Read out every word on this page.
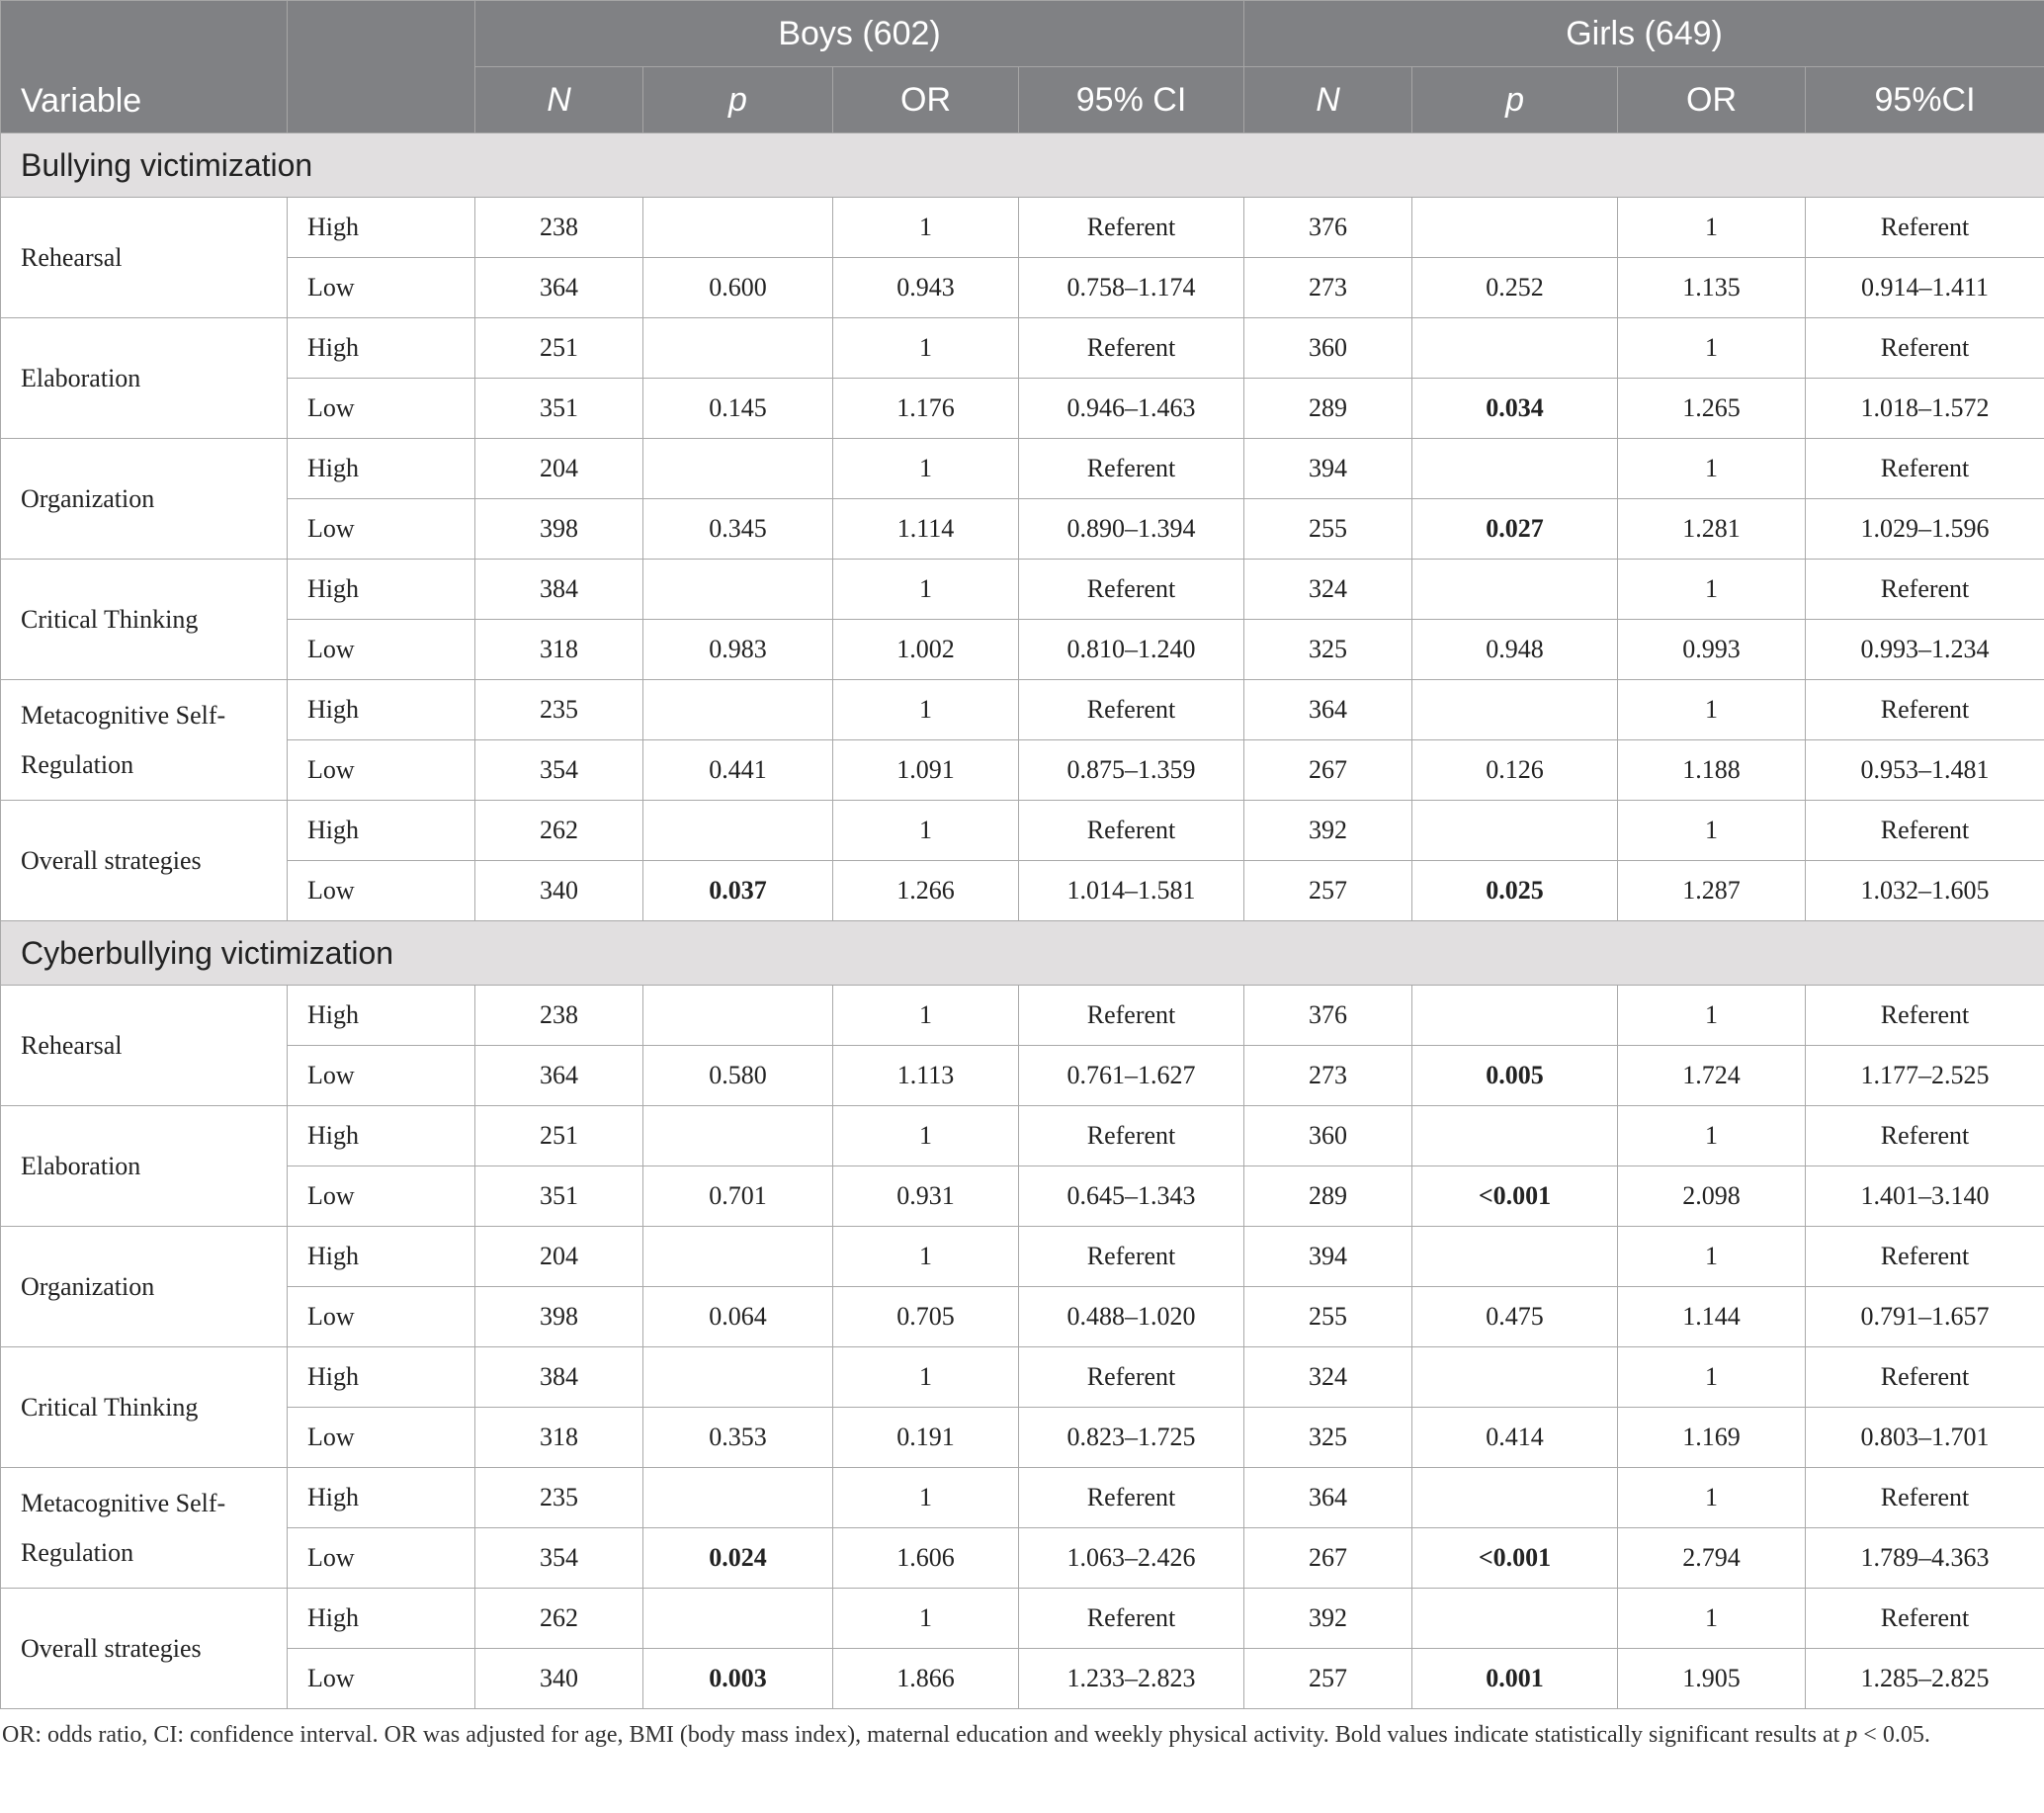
Variable		Boys (602)				Girls (649)			
		N	p	OR	95% CI	N	p	OR	95%CI
Bullying victimization									
Rehearsal	High	238		1	Referent	376		1	Referent
	Low	364	0.600	0.943	0.758–1.174	273	0.252	1.135	0.914–1.411
Elaboration	High	251		1	Referent	360		1	Referent
	Low	351	0.145	1.176	0.946–1.463	289	0.034	1.265	1.018–1.572
Organization	High	204		1	Referent	394		1	Referent
	Low	398	0.345	1.114	0.890–1.394	255	0.027	1.281	1.029–1.596
Critical Thinking	High	384		1	Referent	324		1	Referent
	Low	318	0.983	1.002	0.810–1.240	325	0.948	0.993	0.993–1.234
Metacognitive Self-Regulation	High	235		1	Referent	364		1	Referent
	Low	354	0.441	1.091	0.875–1.359	267	0.126	1.188	0.953–1.481
Overall strategies	High	262		1	Referent	392		1	Referent
	Low	340	0.037	1.266	1.014–1.581	257	0.025	1.287	1.032–1.605
Cyberbullying victimization									
Rehearsal	High	238		1	Referent	376		1	Referent
	Low	364	0.580	1.113	0.761–1.627	273	0.005	1.724	1.177–2.525
Elaboration	High	251		1	Referent	360		1	Referent
	Low	351	0.701	0.931	0.645–1.343	289	<0.001	2.098	1.401–3.140
Organization	High	204		1	Referent	394		1	Referent
	Low	398	0.064	0.705	0.488–1.020	255	0.475	1.144	0.791–1.657
Critical Thinking	High	384		1	Referent	324		1	Referent
	Low	318	0.353	0.191	0.823–1.725	325	0.414	1.169	0.803–1.701
Metacognitive Self-Regulation	High	235		1	Referent	364		1	Referent
	Low	354	0.024	1.606	1.063–2.426	267	<0.001	2.794	1.789–4.363
Overall strategies	High	262		1	Referent	392		1	Referent
	Low	340	0.003	1.866	1.233–2.823	257	0.001	1.905	1.285–2.825
OR: odds ratio, CI: confidence interval. OR was adjusted for age, BMI (body mass index), maternal education and weekly physical activity. Bold values indicate statistically significant results at p < 0.05.
